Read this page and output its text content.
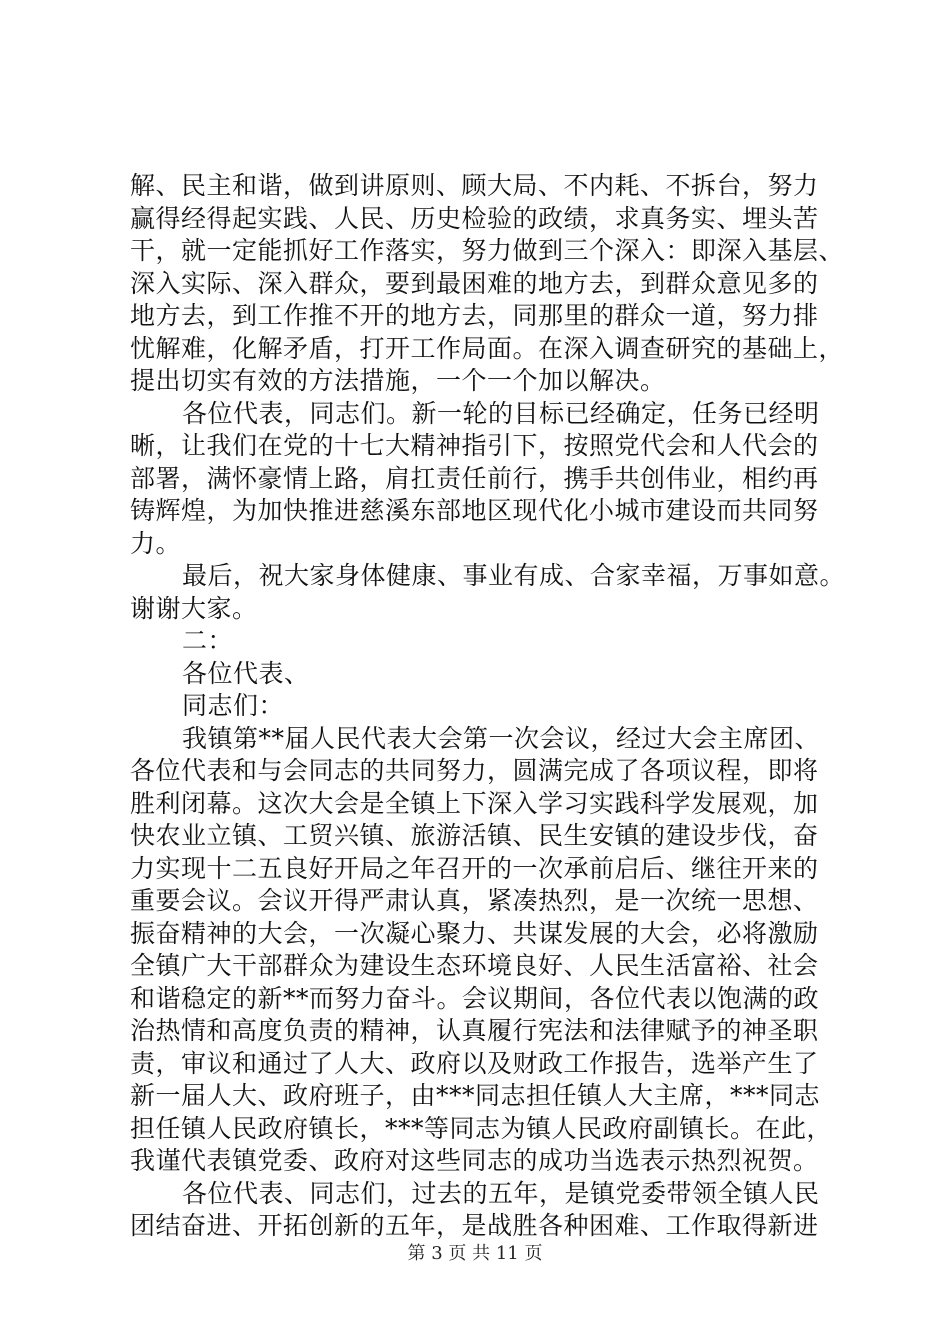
解、民主和谐，做到讲原则、顾大局、不内耗、不拆台，努力
赢得经得起实践、人民、历史检验的政绩，求真务实、埋头苦
干，就一定能抓好工作落实，努力做到三个深入：即深入基层、
深入实际、深入群众，要到最困难的地方去，到群众意见多的
地方去，到工作推不开的地方去，同那里的群众一道，努力排
忧解难，化解矛盾，打开工作局面。在深入调查研究的基础上，
提出切实有效的方法措施，一个一个加以解决。
各位代表，同志们。新一轮的目标已经确定，任务已经明
晰，让我们在党的十七大精神指引下，按照党代会和人代会的
部署，满怀豪情上路，肩扛责任前行，携手共创伟业，相约再
铸辉煌，为加快推进慈溪东部地区现代化小城市建设而共同努
力。
最后，祝大家身体健康、事业有成、合家幸福，万事如意。
谢谢大家。
二：
各位代表、
同志们：
我镇第**届人民代表大会第一次会议，经过大会主席团、
各位代表和与会同志的共同努力，圆满完成了各项议程，即将
胜利闭幕。这次大会是全镇上下深入学习实践科学发展观，加
快农业立镇、工贸兴镇、旅游活镇、民生安镇的建设步伐，奋
力实现十二五良好开局之年召开的一次承前启后、继往开来的
重要会议。会议开得严肃认真，紧凑热烈，是一次统一思想、
振奋精神的大会，一次凝心聚力、共谋发展的大会，必将激励
全镇广大干部群众为建设生态环境良好、人民生活富裕、社会
和谐稳定的新**而努力奋斗。会议期间，各位代表以饱满的政
治热情和高度负责的精神，认真履行宪法和法律赋予的神圣职
责，审议和通过了人大、政府以及财政工作报告，选举产生了
新一届人大、政府班子，由***同志担任镇人大主席，***同志
担任镇人民政府镇长，***等同志为镇人民政府副镇长。在此，
我谨代表镇党委、政府对这些同志的成功当选表示热烈祝贺。
各位代表、同志们，过去的五年，是镇党委带领全镇人民
团结奋进、开拓创新的五年，是战胜各种困难、工作取得新进
第 3 页 共 11 页
